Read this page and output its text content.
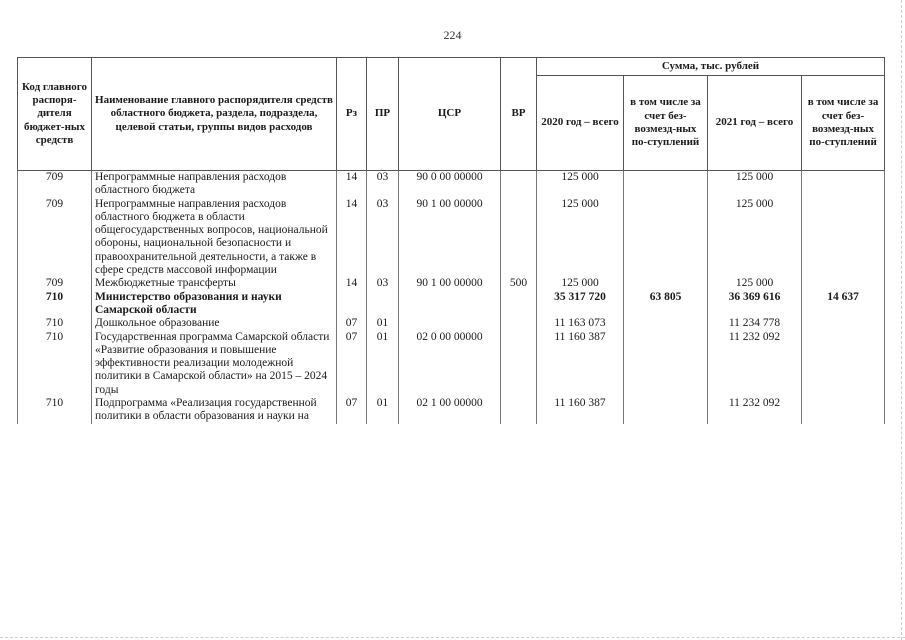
224
Код главного распоря-дителя бюджет-ных средств	Наименование главного распорядителя средств областного бюджета, раздела, подраздела, целевой статьи, группы видов расходов	Рз	ПР	ЦСР	ВР	Сумма, тыс. рублей			
						2020 год – всего	в том числе за счет без-возмезд-ных по-ступлений	2021 год – всего	в том числе за счет без-возмезд-ных по-ступлений
709	Непрограммные направления расходов областного бюджета	14	03	90 0 00 00000		125 000		125 000	
709	Непрограммные направления расходов областного бюджета в области общегосударственных вопросов, национальной обороны, национальной безопасности и правоохранительной деятельности, а также в сфере средств массовой информации	14	03	90 1 00 00000		125 000		125 000	
709	Межбюджетные трансферты	14	03	90 1 00 00000	500	125 000		125 000	
710	Министерство образования и науки Самарской области					35 317 720	63 805	36 369 616	14 637
710	Дошкольное образование	07	01			11 163 073		11 234 778	
710	Государственная программа Самарской области «Развитие образования и повышение эффективности реализации молодежной политики в Самарской области» на 2015 – 2024 годы	07	01	02 0 00 00000		11 160 387		11 232 092	
710	Подпрограмма «Реализация государственной политики в области образования и науки на	07	01	02 1 00 00000		11 160 387		11 232 092	
